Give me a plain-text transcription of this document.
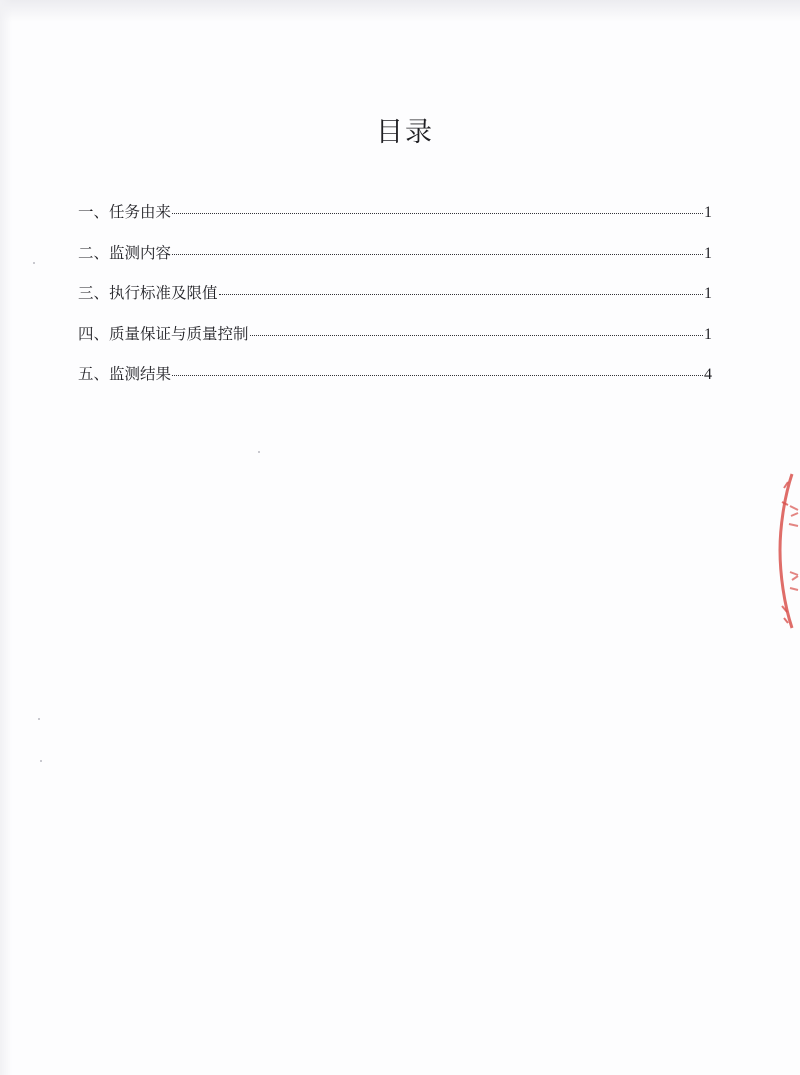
目录
一、任务由来	1
二、监测内容	1
三、执行标准及限值	1
四、质量保证与质量控制	1
五、监测结果	4
